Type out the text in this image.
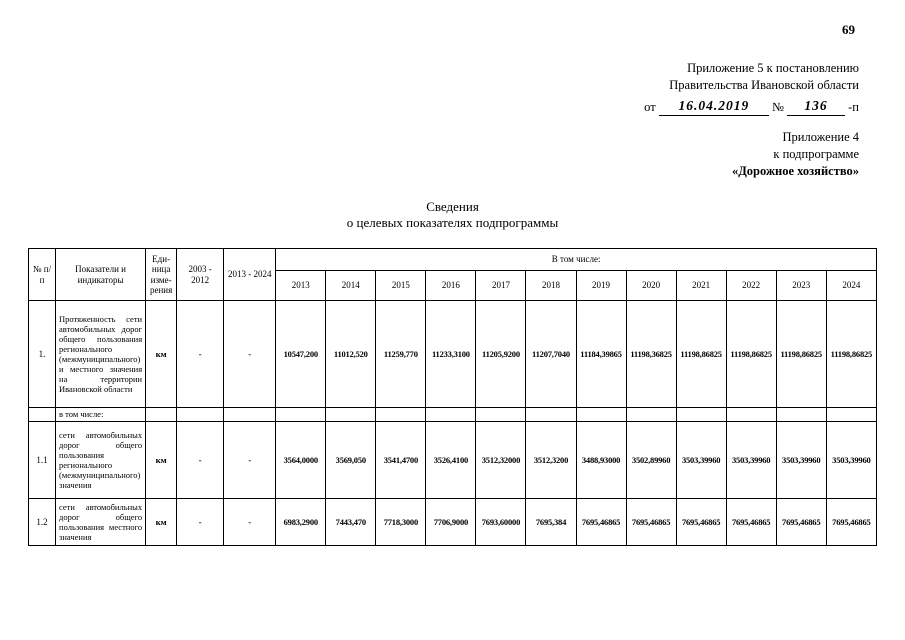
69
Приложение 5 к постановлению
Правительства Ивановской области
от 16.04.2019 № 136 -п
Приложение 4
к подпрограмме
«Дорожное хозяйство»
Сведения
о целевых показателях подпрограммы
№ п/п	Показатели и индикаторы	Еди-ница изме-рения	2003 - 2012	2013 - 2024	В том числе:											
					2013	2014	2015	2016	2017	2018	2019	2020	2021	2022	2023	2024
1.	Протяженность сети автомобильных дорог общего пользования регионального (межмуниципального) и местного значения на территории Ивановской области	км	-	-	10547,200	11012,520	11259,770	11233,3100	11205,9200	11207,7040	11184,39865	11198,36825	11198,86825	11198,86825	11198,86825	11198,86825
	в том числе:															
1.1	сети автомобильных дорог общего пользования регионального (межмуниципального) значения	км	-	-	3564,0000	3569,050	3541,4700	3526,4100	3512,32000	3512,3200	3488,93000	3502,89960	3503,39960	3503,39960	3503,39960	3503,39960
1.2	сети автомобильных дорог общего пользования местного значения	км	-	-	6983,2900	7443,470	7718,3000	7706,9000	7693,60000	7695,384	7695,46865	7695,46865	7695,46865	7695,46865	7695,46865	7695,46865
